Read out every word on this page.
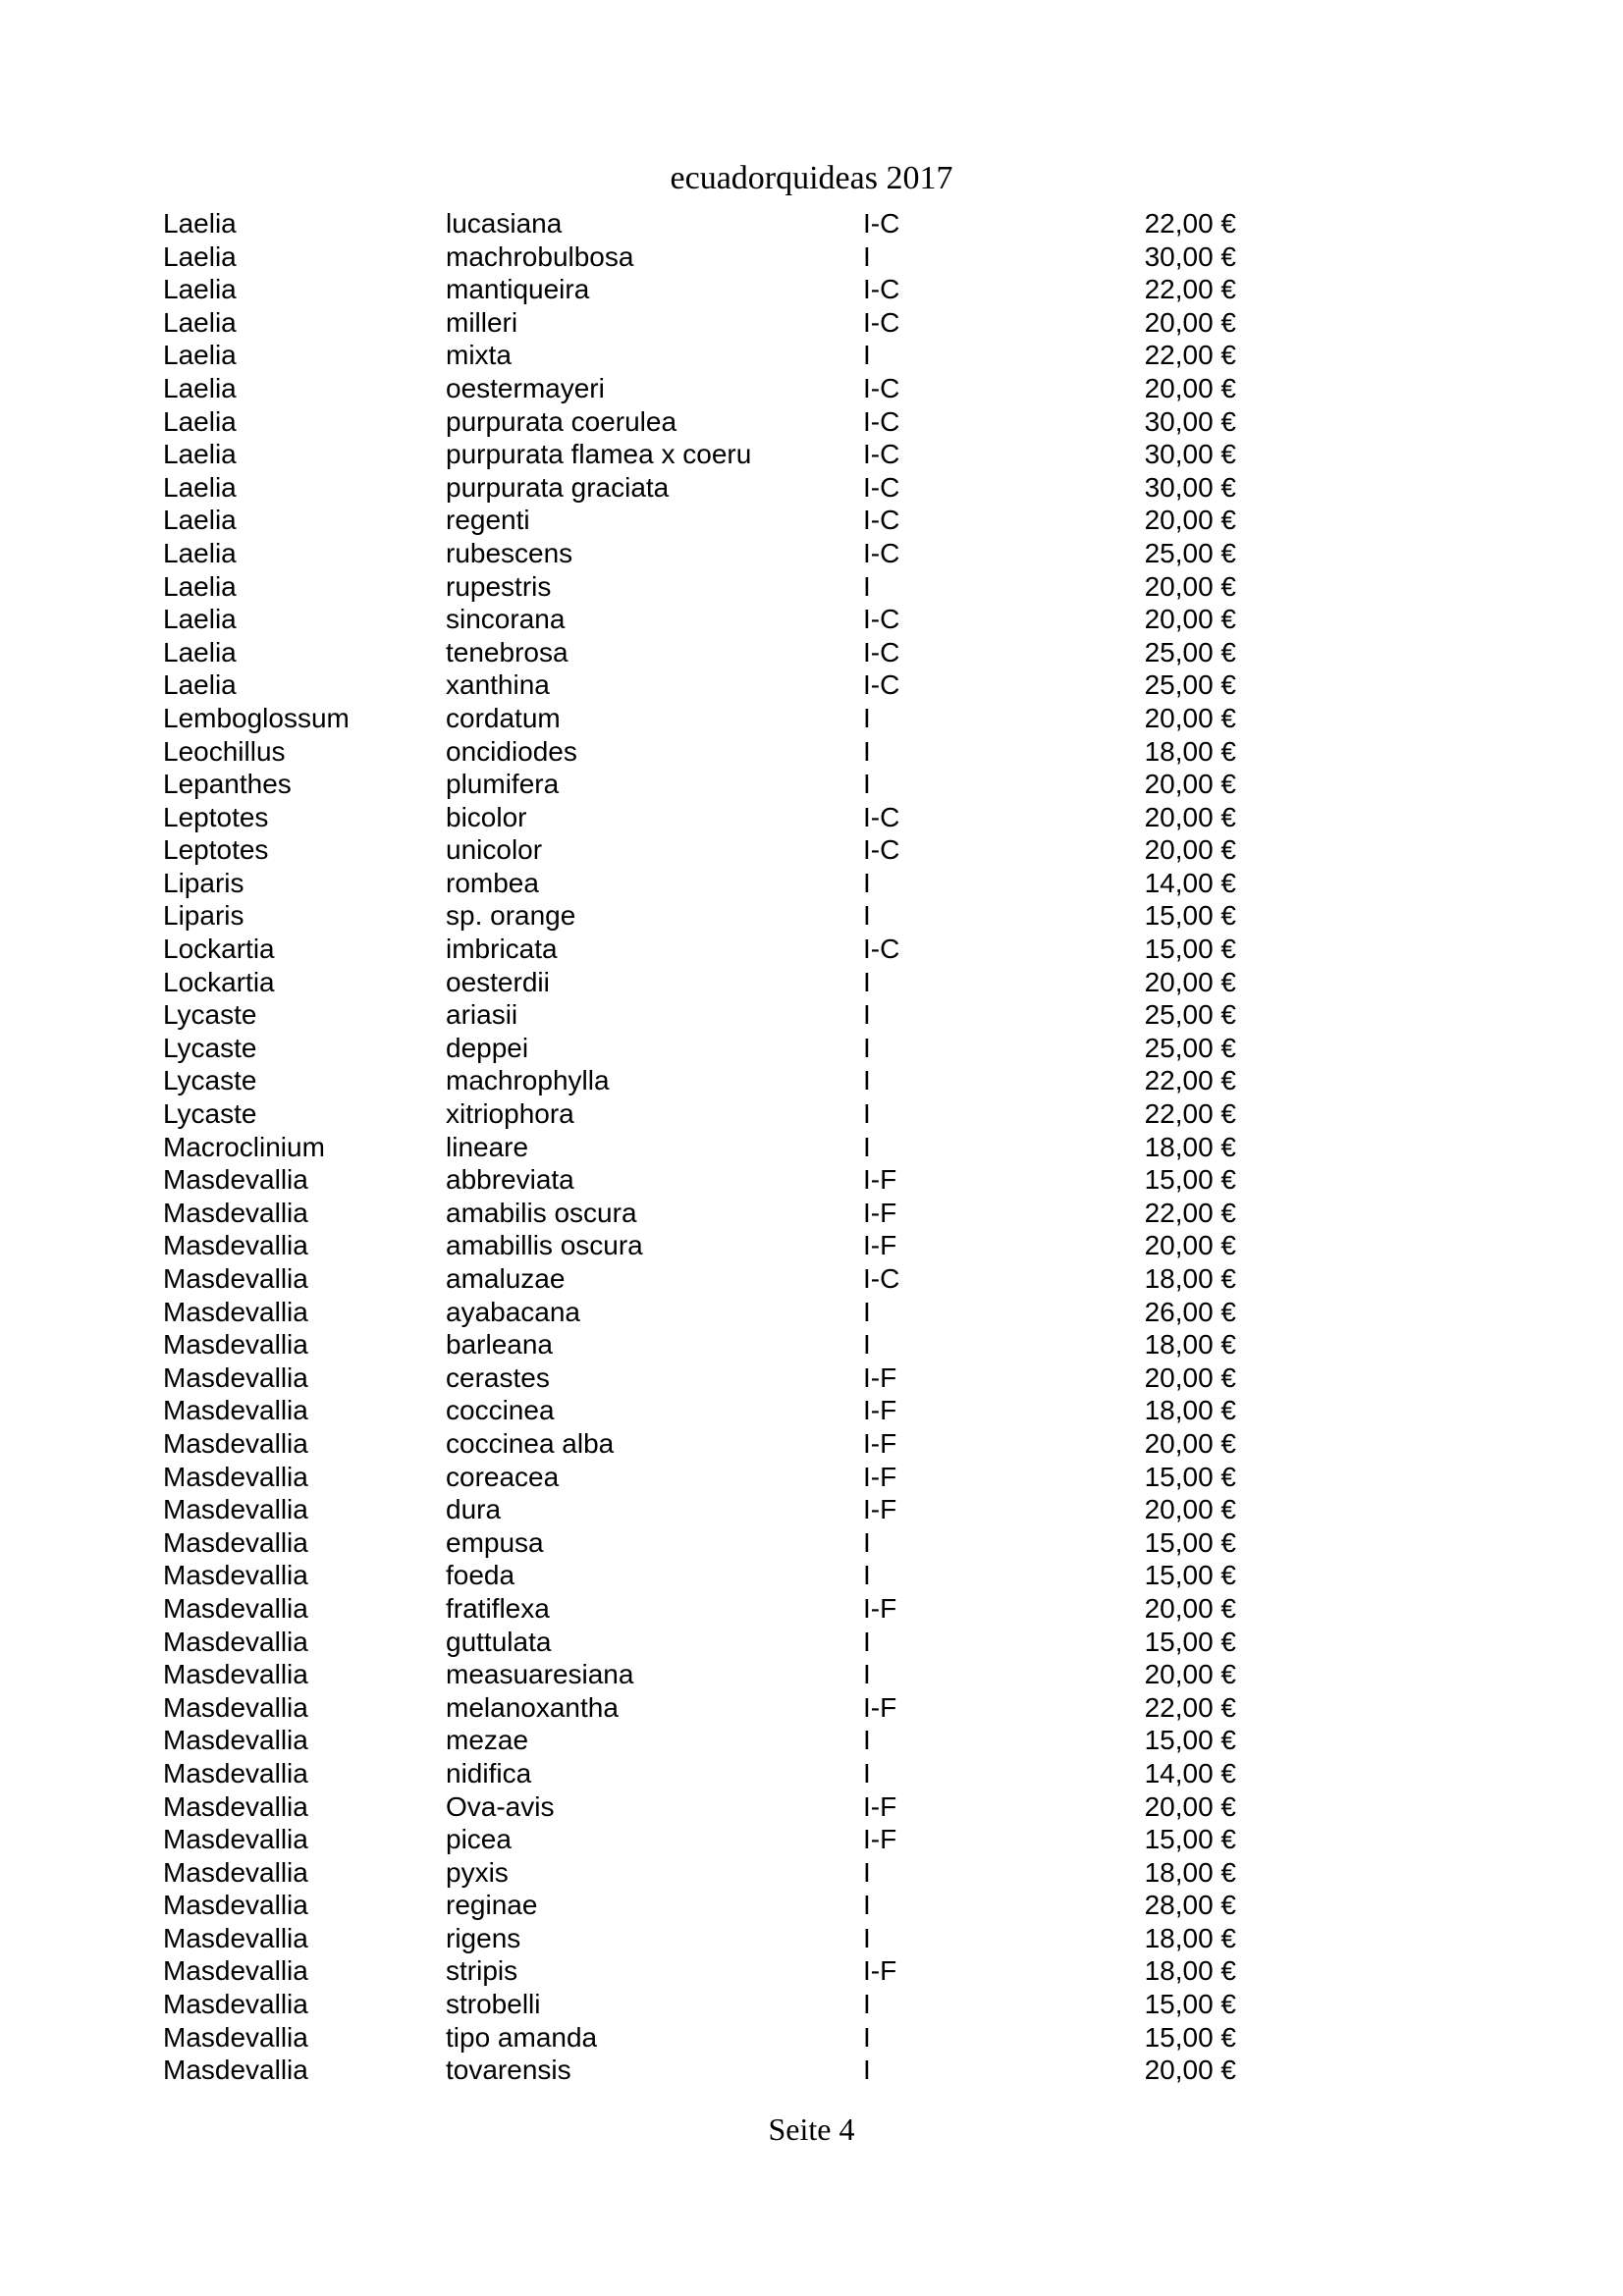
ecuadorquideas 2017
Laelia	lucasiana	I-C	22,00 €
Laelia	machrobulbosa	I	30,00 €
Laelia	mantiqueira	I-C	22,00 €
Laelia	milleri	I-C	20,00 €
Laelia	mixta	I	22,00 €
Laelia	oestermayeri	I-C	20,00 €
Laelia	purpurata coerulea	I-C	30,00 €
Laelia	purpurata flamea x coeru	I-C	30,00 €
Laelia	purpurata graciata	I-C	30,00 €
Laelia	regenti	I-C	20,00 €
Laelia	rubescens	I-C	25,00 €
Laelia	rupestris	I	20,00 €
Laelia	sincorana	I-C	20,00 €
Laelia	tenebrosa	I-C	25,00 €
Laelia	xanthina	I-C	25,00 €
Lemboglossum	cordatum	I	20,00 €
Leochillus	oncidiodes	I	18,00 €
Lepanthes	plumifera	I	20,00 €
Leptotes	bicolor	I-C	20,00 €
Leptotes	unicolor	I-C	20,00 €
Liparis	rombea	I	14,00 €
Liparis	sp. orange	I	15,00 €
Lockartia	imbricata	I-C	15,00 €
Lockartia	oesterdii	I	20,00 €
Lycaste	ariasii	I	25,00 €
Lycaste	deppei	I	25,00 €
Lycaste	machrophylla	I	22,00 €
Lycaste	xitriophora	I	22,00 €
Macroclinium	lineare	I	18,00 €
Masdevallia	abbreviata	I-F	15,00 €
Masdevallia	amabilis oscura	I-F	22,00 €
Masdevallia	amabillis oscura	I-F	20,00 €
Masdevallia	amaluzae	I-C	18,00 €
Masdevallia	ayabacana	I	26,00 €
Masdevallia	barleana	I	18,00 €
Masdevallia	cerastes	I-F	20,00 €
Masdevallia	coccinea	I-F	18,00 €
Masdevallia	coccinea alba	I-F	20,00 €
Masdevallia	coreacea	I-F	15,00 €
Masdevallia	dura	I-F	20,00 €
Masdevallia	empusa	I	15,00 €
Masdevallia	foeda	I	15,00 €
Masdevallia	fratiflexa	I-F	20,00 €
Masdevallia	guttulata	I	15,00 €
Masdevallia	measuaresiana	I	20,00 €
Masdevallia	melanoxantha	I-F	22,00 €
Masdevallia	mezae	I	15,00 €
Masdevallia	nidifica	I	14,00 €
Masdevallia	Ova-avis	I-F	20,00 €
Masdevallia	picea	I-F	15,00 €
Masdevallia	pyxis	I	18,00 €
Masdevallia	reginae	I	28,00 €
Masdevallia	rigens	I	18,00 €
Masdevallia	stripis	I-F	18,00 €
Masdevallia	strobelli	I	15,00 €
Masdevallia	tipo amanda	I	15,00 €
Masdevallia	tovarensis	I	20,00 €
Seite 4
